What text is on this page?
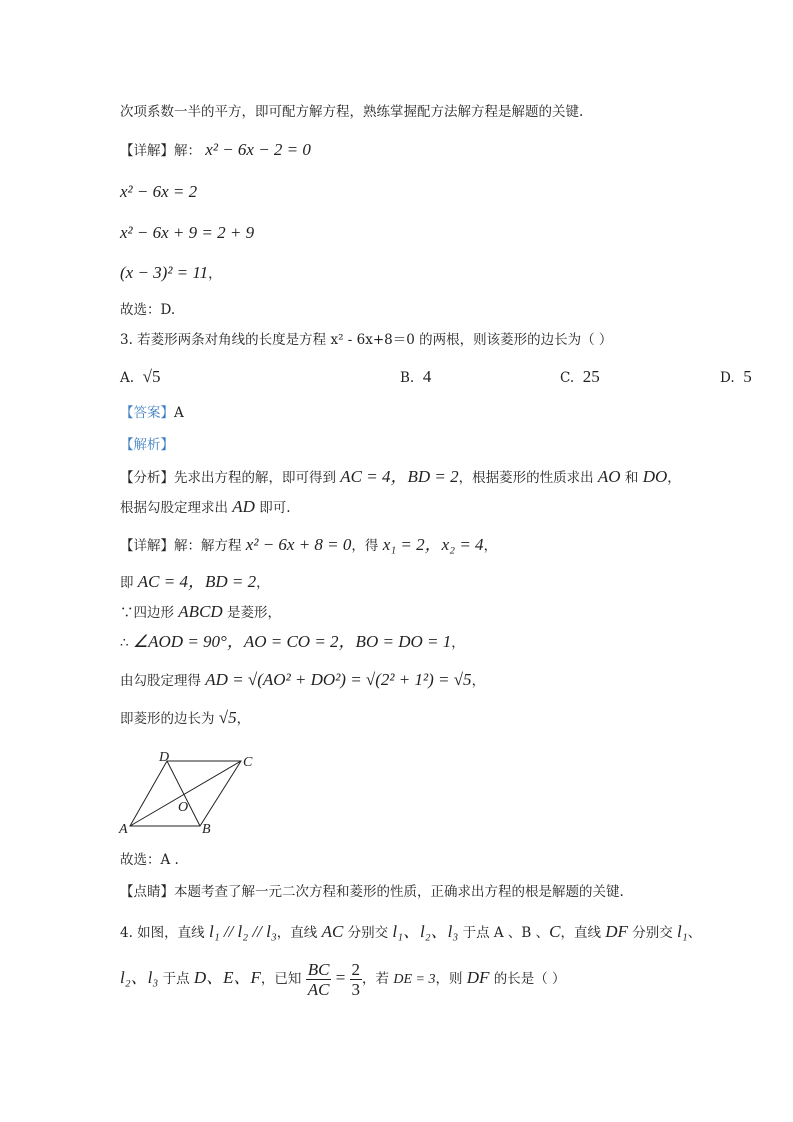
次项系数一半的平方，即可配方解方程，熟练掌握配方法解方程是解题的关键.
【详解】解： x² − 6x − 2 = 0
x² − 6x = 2
x² − 6x + 9 = 2 + 9
(x − 3)² = 11，
故选：D.
3. 若菱形两条对角线的长度是方程 x² - 6x+8＝0 的两根，则该菱形的边长为（ ）
A. √5	B. 4	C. 25	D. 5
【答案】A
【解析】
【分析】先求出方程的解，即可得到 AC = 4，BD = 2，根据菱形的性质求出 AO 和 DO，
根据勾股定理求出 AD 即可.
【详解】解：解方程 x² − 6x + 8 = 0，得 x₁ = 2，x₂ = 4，
即 AC = 4，BD = 2，
∵四边形 ABCD 是菱形，
∴ ∠AOD = 90°，AO = CO = 2，BO = DO = 1，
由勾股定理得 AD = √(AO² + DO²) = √(2² + 1²) = √5，
即菱形的边长为 √5，
故选：A .
【点睛】本题考查了解一元二次方程和菱形的性质，正确求出方程的根是解题的关键.
4. 如图，直线 l₁ // l₂ // l₃，直线 AC 分别交 l₁、l₂、l₃ 于点 A 、B 、C，直线 DF 分别交 l₁、
l₂、l₃ 于点 D、E、F，已知 $\frac{BC}{AC} = \frac{2}{3}$ ，若 DE = 3，则 DF 的长是（ ）
D	C
A	B
O
